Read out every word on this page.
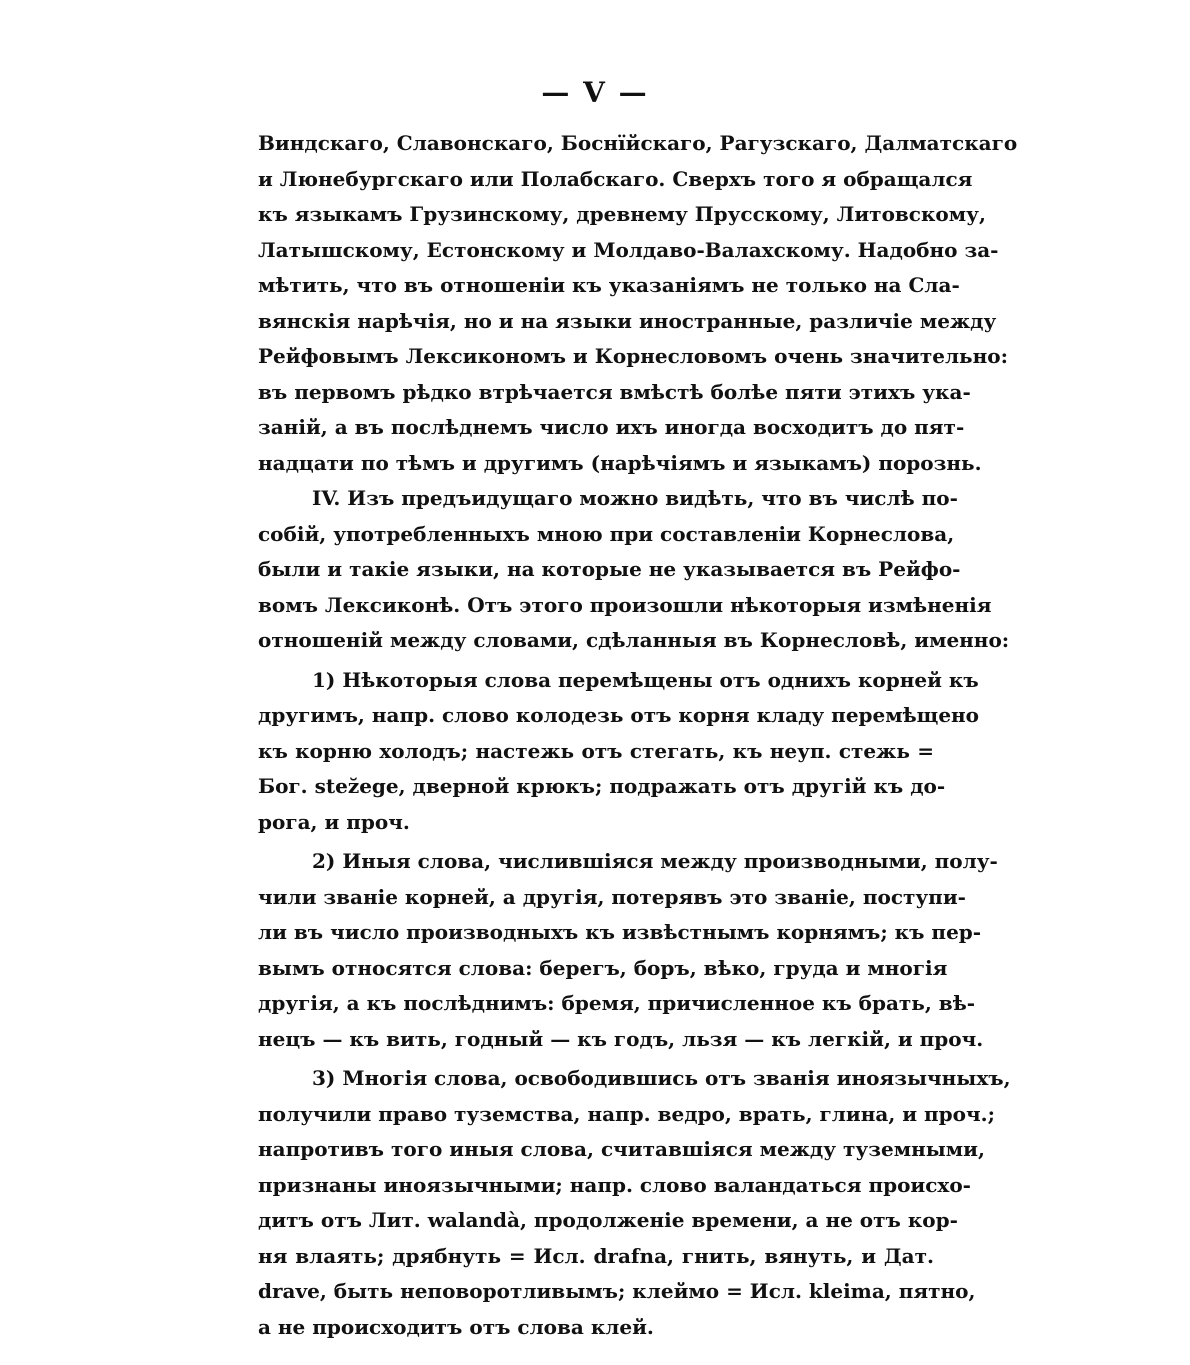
— V —
Виндскаго, Славонскаго, Боснїйскаго, Рагузскаго, Далматскаго
и Люнебургскаго или Полабскаго. Сверхъ того я обращался
къ языкамъ Грузинскому, древнему Прусскому, Литовскому,
Латышскому, Естонскому и Молдаво-Валахскому. Надобно за-
мѣтить, что въ отношеніи къ указаніямъ не только на Сла-
вянскія нарѣчія, но и на языки иностранные, различіе между
Рейфовымъ Лексикономъ и Корнесловомъ очень значительно:
въ первомъ рѣдко втрѣчается вмѣстѣ болѣе пяти этихъ ука-
заній, а въ послѣднемъ число ихъ иногда восходитъ до пят-
надцати по тѣмъ и другимъ (нарѣчіямъ и языкамъ) порознь.
IV. Изъ предъидущаго можно видѣть, что въ числѣ по-
собій, употребленныхъ мною при составленіи Корнеслова,
были и такіе языки, на которые не указывается въ Рейфо-
вомъ Лексиконѣ. Отъ этого произошли нѣкоторыя измѣненія
отношеній между словами, сдѣланныя въ Корнесловѣ, именно:
1) Нѣкоторыя слова перемѣщены отъ однихъ корней къ
другимъ, напр. слово колодезь отъ корня кладу перемѣщено
къ корню холодъ; настежь отъ стегать, къ неуп. стежь =
Бог. stez̆ege, дверной крюкъ; подражать отъ другій къ до-
рога, и проч.
2) Иныя слова, числившіяся между производными, полу-
чили званіе корней, а другія, потерявъ это званіе, поступи-
ли въ число производныхъ къ извѣстнымъ корнямъ; къ пер-
вымъ относятся слова: берегъ, боръ, вѣко, груда и многія
другія, а къ послѣднимъ: бремя, причисленное къ брать, вѣ-
нецъ — къ вить, годный — къ годъ, льзя — къ легкій, и проч.
3) Многія слова, освободившись отъ званія иноязычныхъ,
получили право туземства, напр. ведро, врать, глина, и проч.;
напротивъ того иныя слова, считавшіяся между туземными,
признаны иноязычными; напр. слово валандаться происхо-
дитъ отъ Лит. walandà, продолженіе времени, а не отъ кор-
ня влаять; дрябнуть = Исл. drafna, гнить, вянуть, и Дат.
drave, быть неповоротливымъ; клеймо = Исл. kleima, пятно,
а не происходитъ отъ слова клей.
